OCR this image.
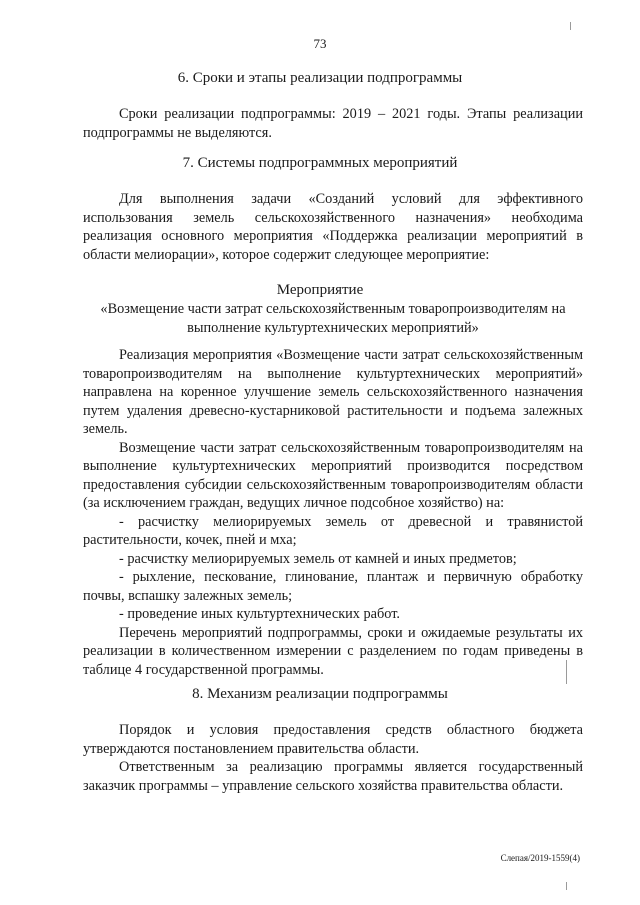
73
6. Сроки и этапы реализации подпрограммы
Сроки реализации подпрограммы: 2019 – 2021 годы. Этапы реализации подпрограммы не выделяются.
7. Системы подпрограммных мероприятий
Для выполнения задачи «Созданий условий для эффективного использования земель сельскохозяйственного назначения» необходима реализация основного мероприятия «Поддержка реализации мероприятий в области мелиорации», которое содержит следующее мероприятие:
Мероприятие
«Возмещение части затрат сельскохозяйственным товаропроизводителям на выполнение культуртехнических мероприятий»

Реализация мероприятия «Возмещение части затрат сельскохозяйственным товаропроизводителям на выполнение культуртехнических мероприятий» направлена на коренное улучшение земель сельскохозяйственного назначения путем удаления древесно-кустарниковой растительности и подъема залежных земель.

Возмещение части затрат сельскохозяйственным товаропроизводителям на выполнение культуртехнических мероприятий производится посредством предоставления субсидии сельскохозяйственным товаропроизводителям области (за исключением граждан, ведущих личное подсобное хозяйство) на:

- расчистку мелиорируемых земель от древесной и травянистой растительности, кочек, пней и мха;

- расчистку мелиорируемых земель от камней и иных предметов;

- рыхление, пескование, глинование, плантаж и первичную обработку почвы, вспашку залежных земель;

- проведение иных культуртехнических работ.

Перечень мероприятий подпрограммы, сроки и ожидаемые результаты их реализации в количественном измерении с разделением по годам приведены в таблице 4 государственной программы.

8. Механизм реализации подпрограммы

Порядок и условия предоставления средств областного бюджета утверждаются постановлением правительства области.

Ответственным за реализацию программы является государственный заказчик программы – управление сельского хозяйства правительства области.

Слепая/2019-1559(4)
